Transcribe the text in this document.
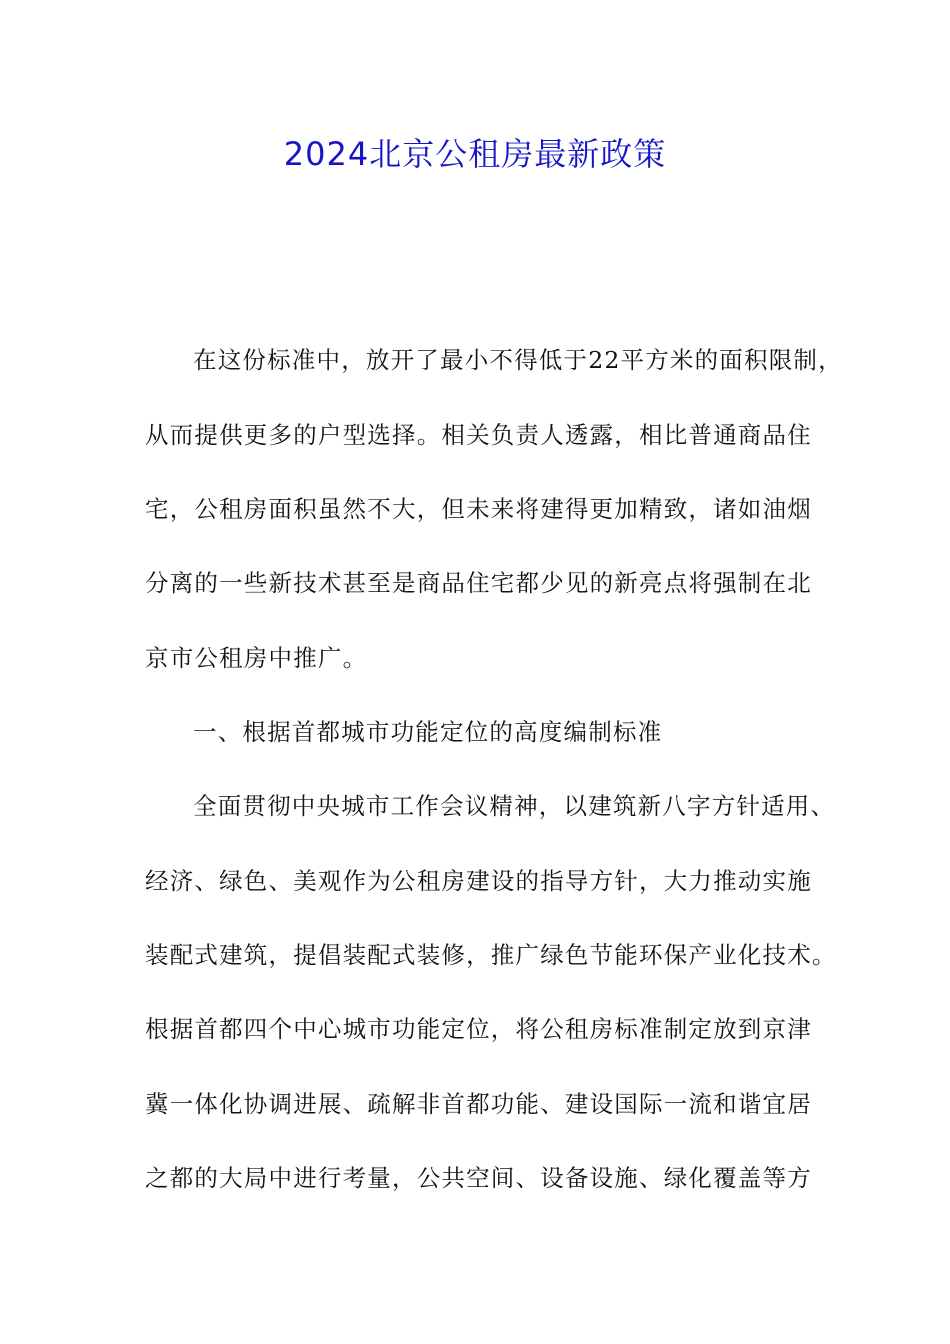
2024北京公租房最新政策
在这份标准中，放开了最小不得低于22平方米的面积限制，
从而提供更多的户型选择。相关负责人透露，相比普通商品住
宅，公租房面积虽然不大，但未来将建得更加精致，诸如油烟
分离的一些新技术甚至是商品住宅都少见的新亮点将强制在北
京市公租房中推广。
一、根据首都城市功能定位的高度编制标准
全面贯彻中央城市工作会议精神，以建筑新八字方针适用、
经济、绿色、美观作为公租房建设的指导方针，大力推动实施
装配式建筑，提倡装配式装修，推广绿色节能环保产业化技术。
根据首都四个中心城市功能定位，将公租房标准制定放到京津
冀一体化协调进展、疏解非首都功能、建设国际一流和谐宜居
之都的大局中进行考量，公共空间、设备设施、绿化覆盖等方
